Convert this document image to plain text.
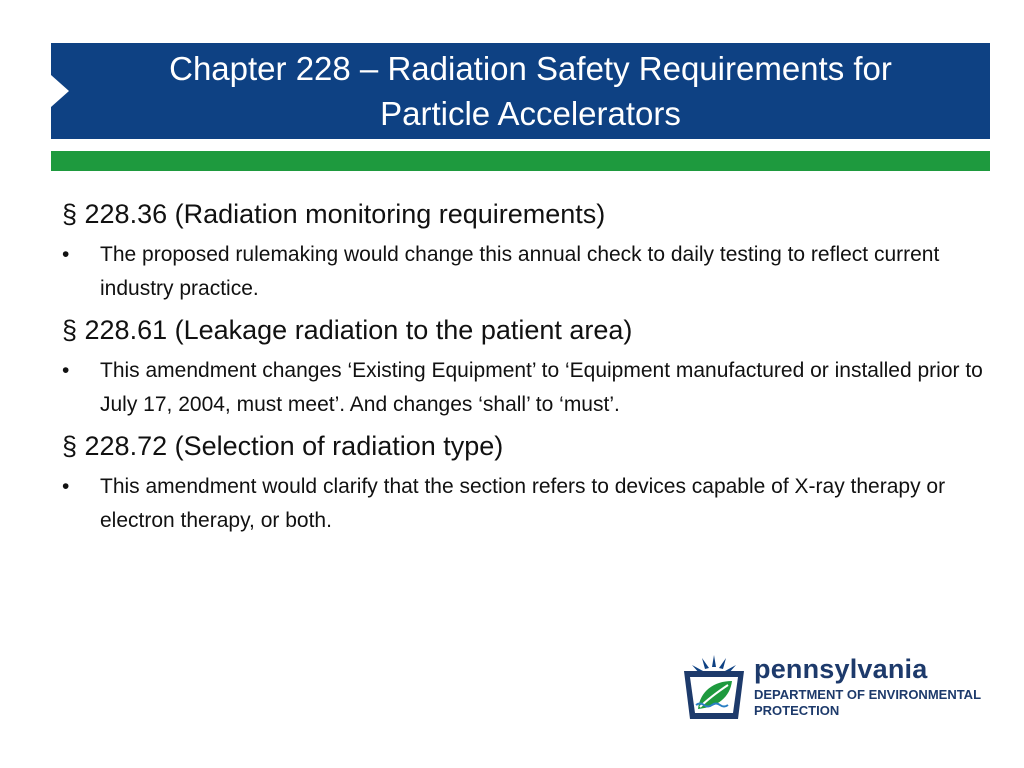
Chapter 228 – Radiation Safety Requirements for Particle Accelerators
§ 228.36 (Radiation monitoring requirements)
• The proposed rulemaking would change this annual check to daily testing to reflect current industry practice.
§ 228.61 (Leakage radiation to the patient area)
• This amendment changes ‘Existing Equipment’ to ‘Equipment manufactured or installed prior to July 17, 2004, must meet’. And changes ‘shall’ to ‘must’.
§ 228.72 (Selection of radiation type)
• This amendment would clarify that the section refers to devices capable of X-ray therapy or electron therapy, or both.
pennsylvania
DEPARTMENT OF ENVIRONMENTAL PROTECTION
